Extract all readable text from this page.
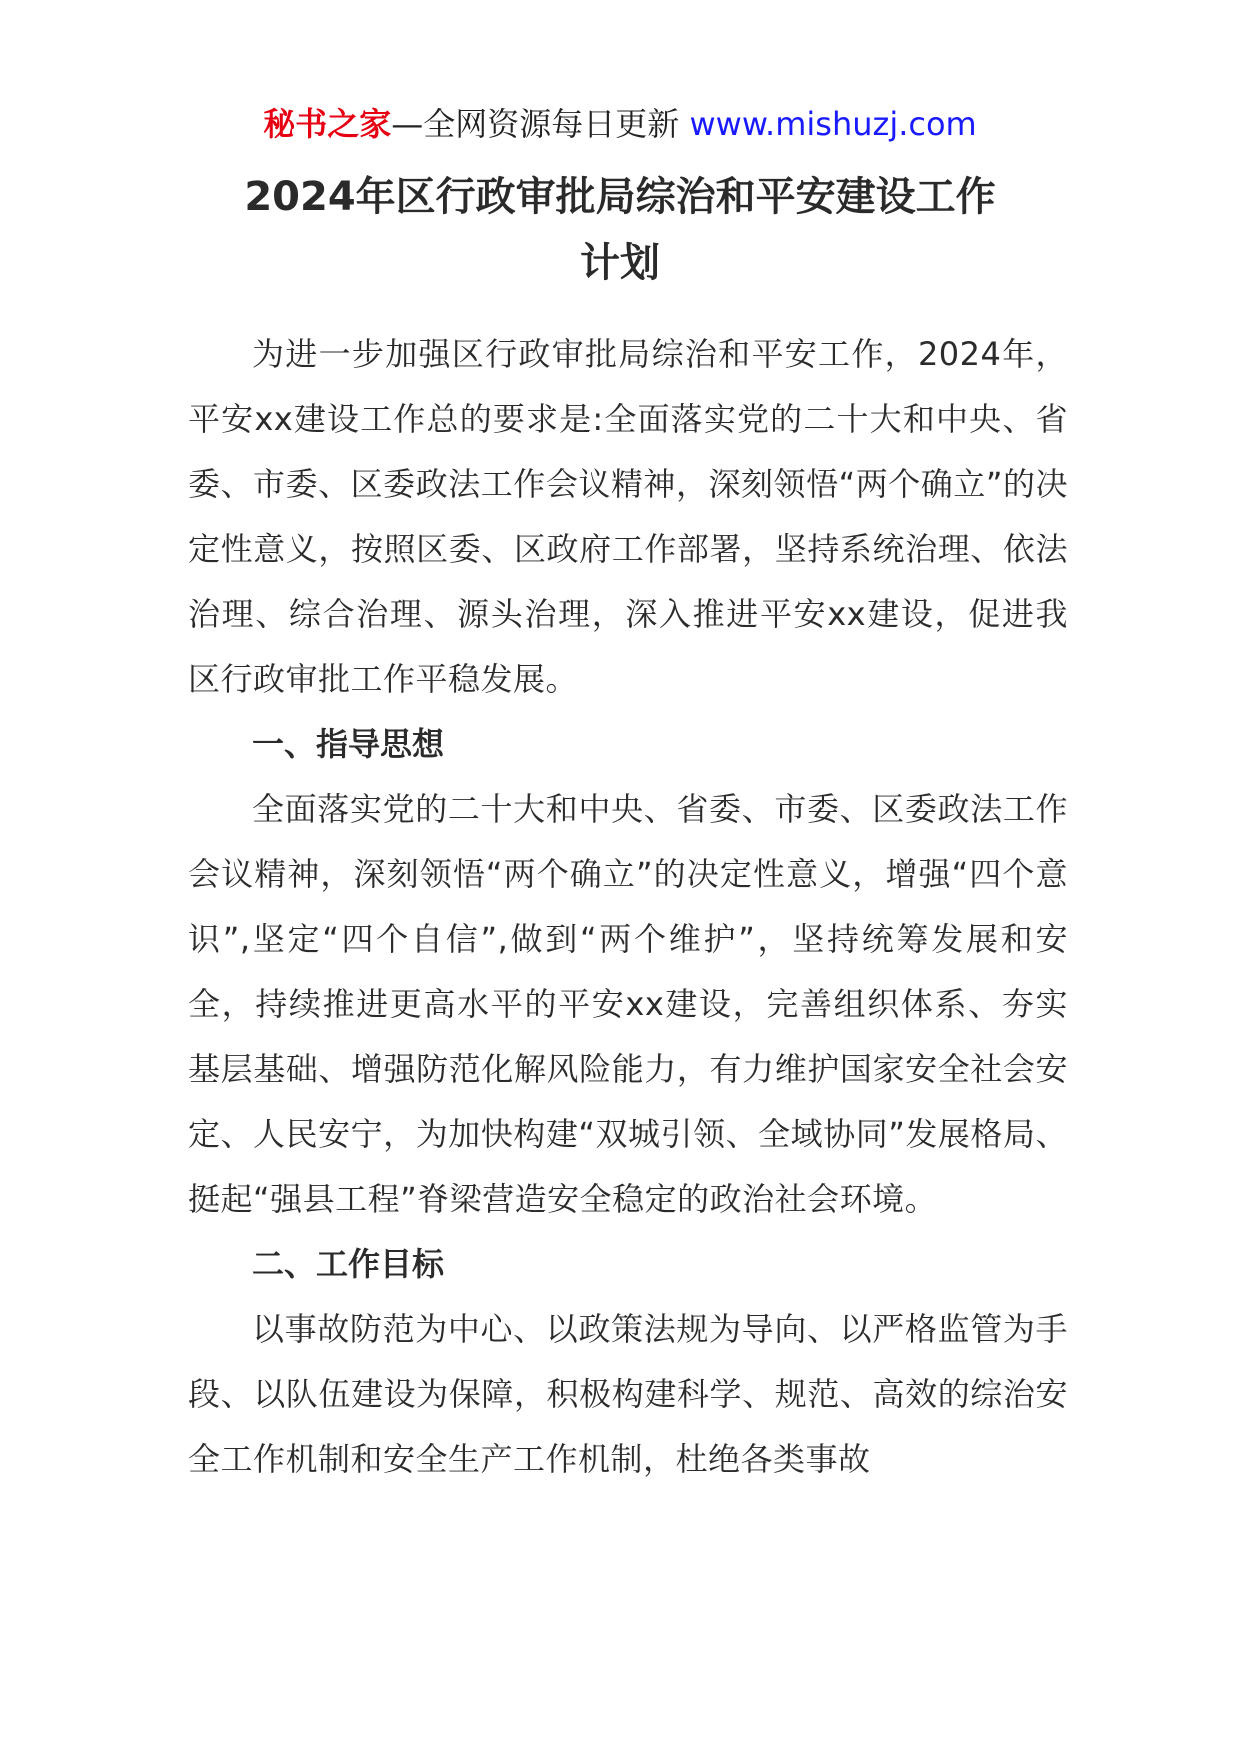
秘书之家—全网资源每日更新 www.mishuzj.com
2024年区行政审批局综治和平安建设工作
计划

为进一步加强区行政审批局综治和平安工作，2024年，平安xx建设工作总的要求是:全面落实党的二十大和中央、省委、市委、区委政法工作会议精神，深刻领悟“两个确立”的决定性意义，按照区委、区政府工作部署，坚持系统治理、依法治理、综合治理、源头治理，深入推进平安xx建设，促进我区行政审批工作平稳发展。

一、指导思想

全面落实党的二十大和中央、省委、市委、区委政法工作会议精神，深刻领悟“两个确立”的决定性意义，增强“四个意识”,坚定“四个自信”,做到“两个维护”，坚持统筹发展和安全，持续推进更高水平的平安xx建设，完善组织体系、夯实基层基础、增强防范化解风险能力，有力维护国家安全社会安定、人民安宁，为加快构建“双城引领、全域协同”发展格局、挺起“强县工程”脊梁营造安全稳定的政治社会环境。

二、工作目标

以事故防范为中心、以政策法规为导向、以严格监管为手段、以队伍建设为保障，积极构建科学、规范、高效的综治安全工作机制和安全生产工作机制，杜绝各类事故
